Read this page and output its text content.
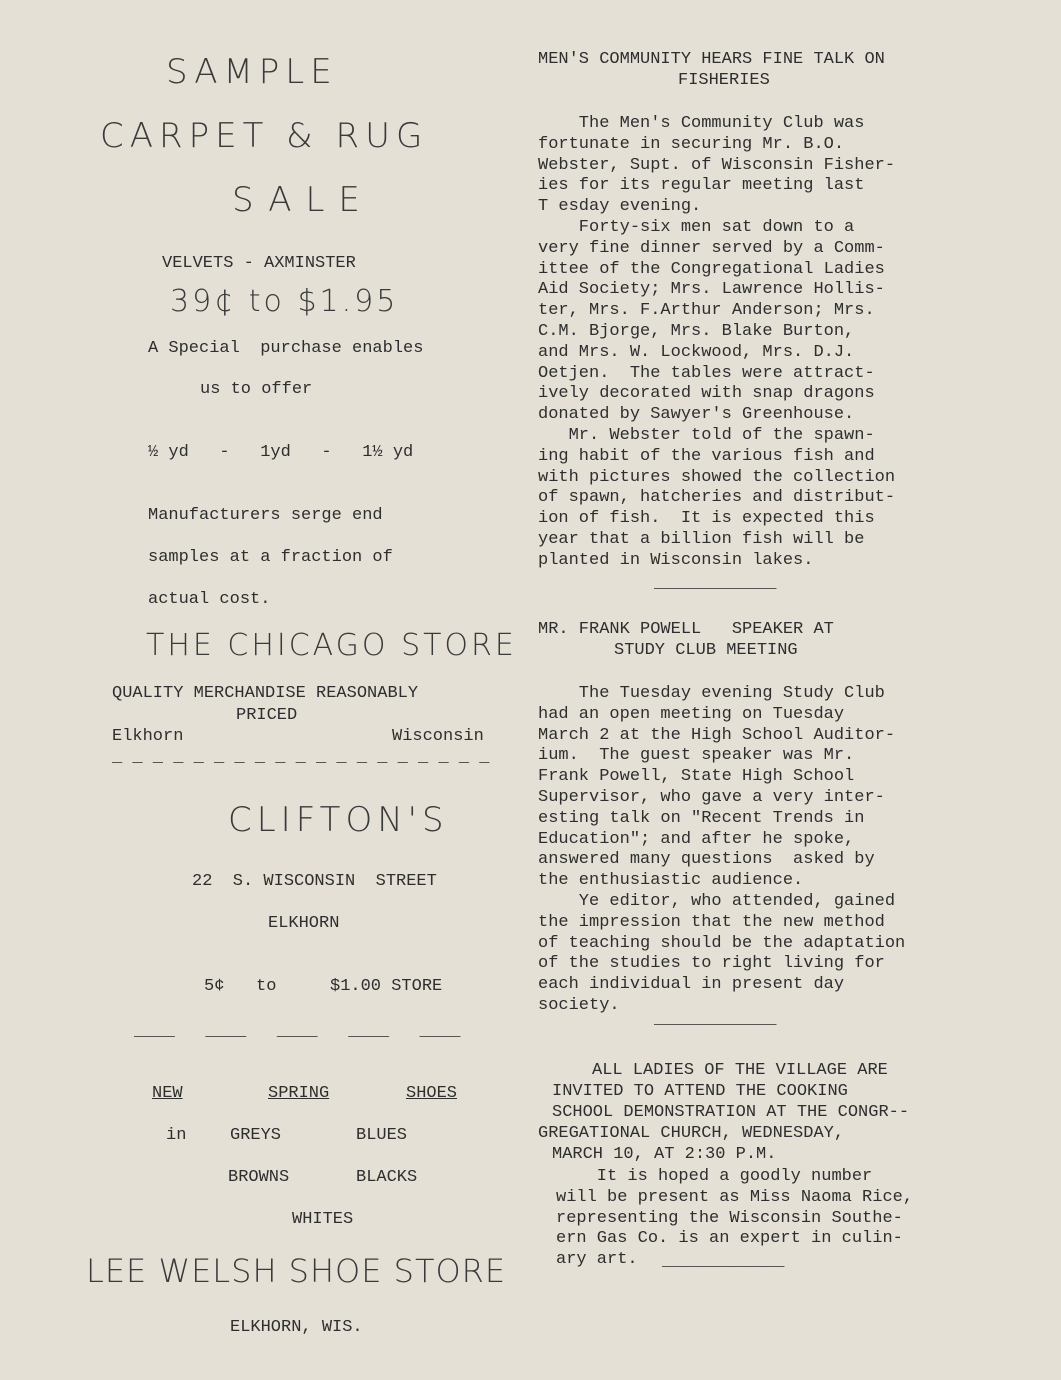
SAMPLE
CARPET & RUG
SALE
VELVETS - AXMINSTER
39¢ to $1.95
A Special  purchase enables
us to offer
½ yd   -   1yd   -   1½ yd
Manufacturers serge end
samples at a fraction of
actual cost.
THE CHICAGO STORE
QUALITY MERCHANDISE REASONABLY
PRICED
Elkhorn	Wisconsin
_ _ _ _ _ _ _ _ _ _ _ _ _ _ _ _ _ _ _
CLIFTON'S
22  S. WISCONSIN  STREET
ELKHORN
5¢ to	$1.00 STORE
____   ____   ____   ____   ____
NEW	SPRING	SHOES
in	GREYS	BLUES
BROWNS	BLACKS
WHITES
LEE WELSH SHOE STORE
ELKHORN, WIS.
MEN'S COMMUNITY HEARS FINE TALK ON
FISHERIES
The Men's Community Club was
fortunate in securing Mr. B.O.
Webster, Supt. of Wisconsin Fisher-
ies for its regular meeting last
T esday evening.
Forty-six men sat down to a
very fine dinner served by a Comm-
ittee of the Congregational Ladies
Aid Society; Mrs. Lawrence Hollis-
ter, Mrs. F.Arthur Anderson; Mrs.
C.M. Bjorge, Mrs. Blake Burton,
and Mrs. W. Lockwood, Mrs. D.J.
Oetjen.  The tables were attract-
ively decorated with snap dragons
donated by Sawyer's Greenhouse.
Mr. Webster told of the spawn-
ing habit of the various fish and
with pictures showed the collection
of spawn, hatcheries and distribut-
ion of fish.  It is expected this
year that a billion fish will be
planted in Wisconsin lakes.
____________
MR. FRANK POWELL   SPEAKER AT
STUDY CLUB MEETING
The Tuesday evening Study Club
had an open meeting on Tuesday
March 2 at the High School Auditor-
ium.  The guest speaker was Mr.
Frank Powell, State High School
Supervisor, who gave a very inter-
esting talk on "Recent Trends in
Education"; and after he spoke,
answered many questions  asked by
the enthusiastic audience.
Ye editor, who attended, gained
the impression that the new method
of teaching should be the adaptation
of the studies to right living for
each individual in present day
society.
____________
ALL LADIES OF THE VILLAGE ARE
INVITED TO ATTEND THE COOKING
SCHOOL DEMONSTRATION AT THE CONGR--
GREGATIONAL CHURCH, WEDNESDAY,
MARCH 10, AT 2:30 P.M.
It is hoped a goodly number
will be present as Miss Naoma Rice,
representing the Wisconsin Southe-
ern Gas Co. is an expert in culin-
ary art.	____________
